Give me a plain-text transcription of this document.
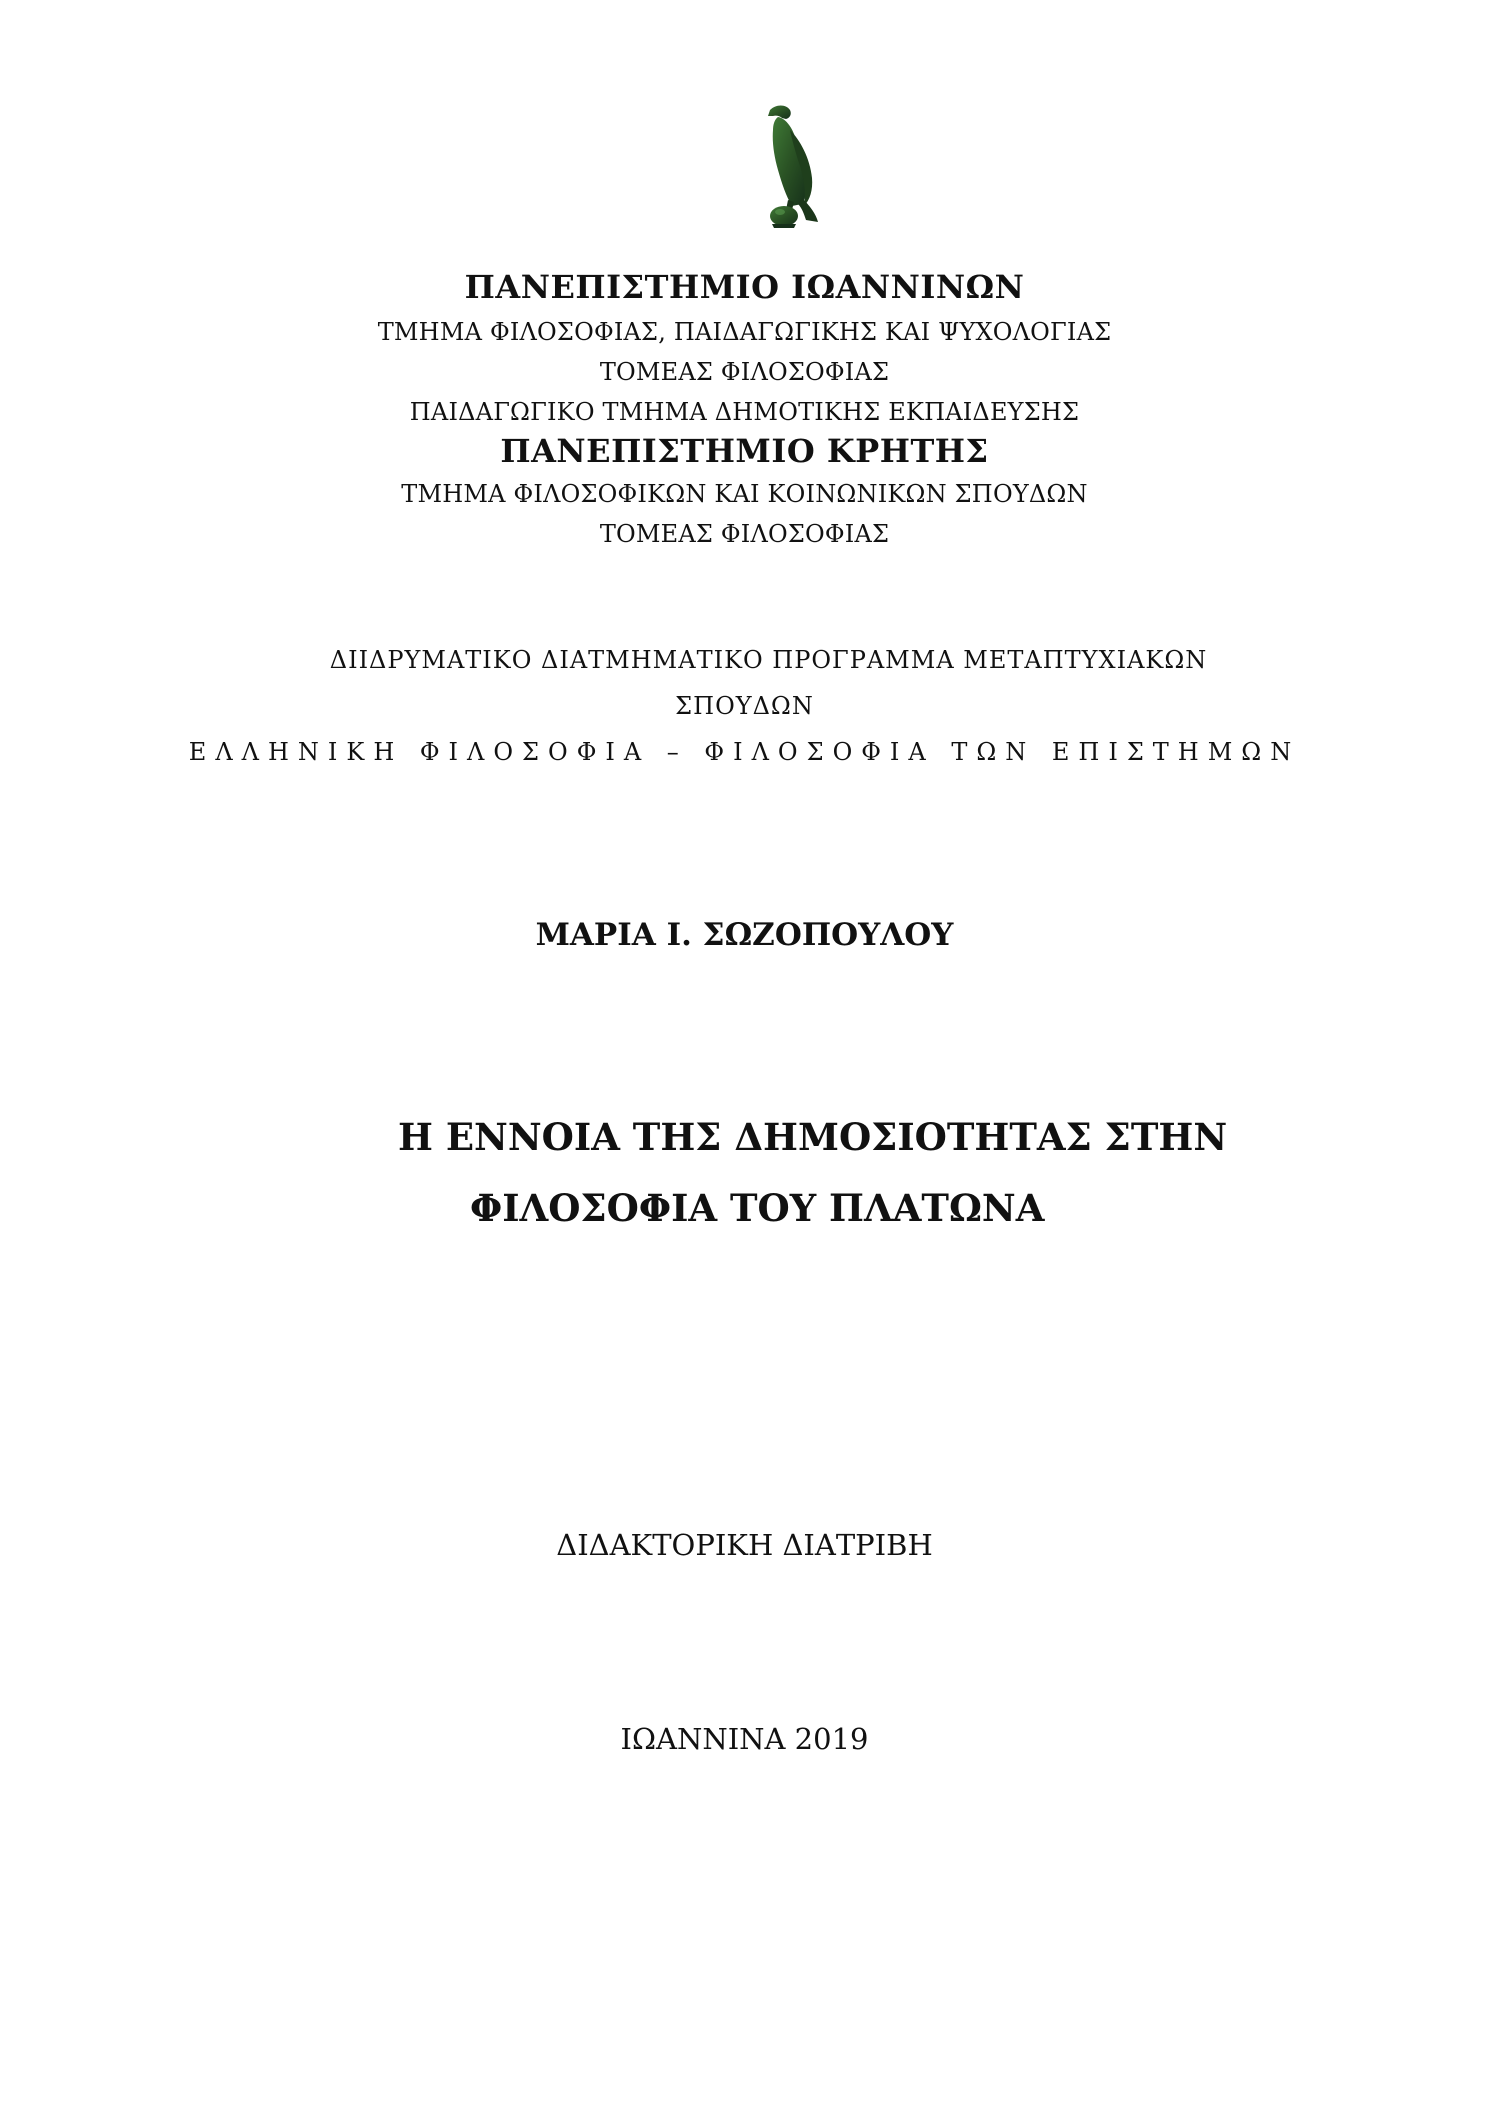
ΠΑΝΕΠΙΣΤΗΜΙΟ ΙΩΑΝΝΙΝΩΝ

ΤΜΗΜΑ ΦΙΛΟΣΟΦΙΑΣ, ΠΑΙΔΑΓΩΓΙΚΗΣ ΚΑΙ ΨΥΧΟΛΟΓΙΑΣ

ΤΟΜΕΑΣ ΦΙΛΟΣΟΦΙΑΣ

ΠΑΙΔΑΓΩΓΙΚΟ ΤΜΗΜΑ ΔΗΜΟΤΙΚΗΣ ΕΚΠΑΙΔΕΥΣΗΣ

ΠΑΝΕΠΙΣΤΗΜΙΟ ΚΡΗΤΗΣ

ΤΜΗΜΑ ΦΙΛΟΣΟΦΙΚΩΝ ΚΑΙ ΚΟΙΝΩΝΙΚΩΝ ΣΠΟΥΔΩΝ

ΤΟΜΕΑΣ ΦΙΛΟΣΟΦΙΑΣ

ΔΙΙΔΡΥΜΑΤΙΚΟ ΔΙΑΤΜΗΜΑΤΙΚΟ ΠΡΟΓΡΑΜΜΑ ΜΕΤΑΠΤΥΧΙΑΚΩΝ

ΣΠΟΥΔΩΝ

ΕΛΛΗΝΙΚΗ ΦΙΛΟΣΟΦΙΑ – ΦΙΛΟΣΟΦΙΑ ΤΩΝ ΕΠΙΣΤΗΜΩΝ

ΜΑΡΙΑ Ι. ΣΩΖΟΠΟΥΛΟΥ

Η ΕΝΝΟΙΑ ΤΗΣ ΔΗΜΟΣΙΟΤΗΤΑΣ ΣΤΗΝ

ΦΙΛΟΣΟΦΙΑ ΤΟΥ ΠΛΑΤΩΝΑ

ΔΙΔΑΚΤΟΡΙΚΗ ΔΙΑΤΡΙΒΗ

ΙΩΑΝΝΙΝΑ 2019
